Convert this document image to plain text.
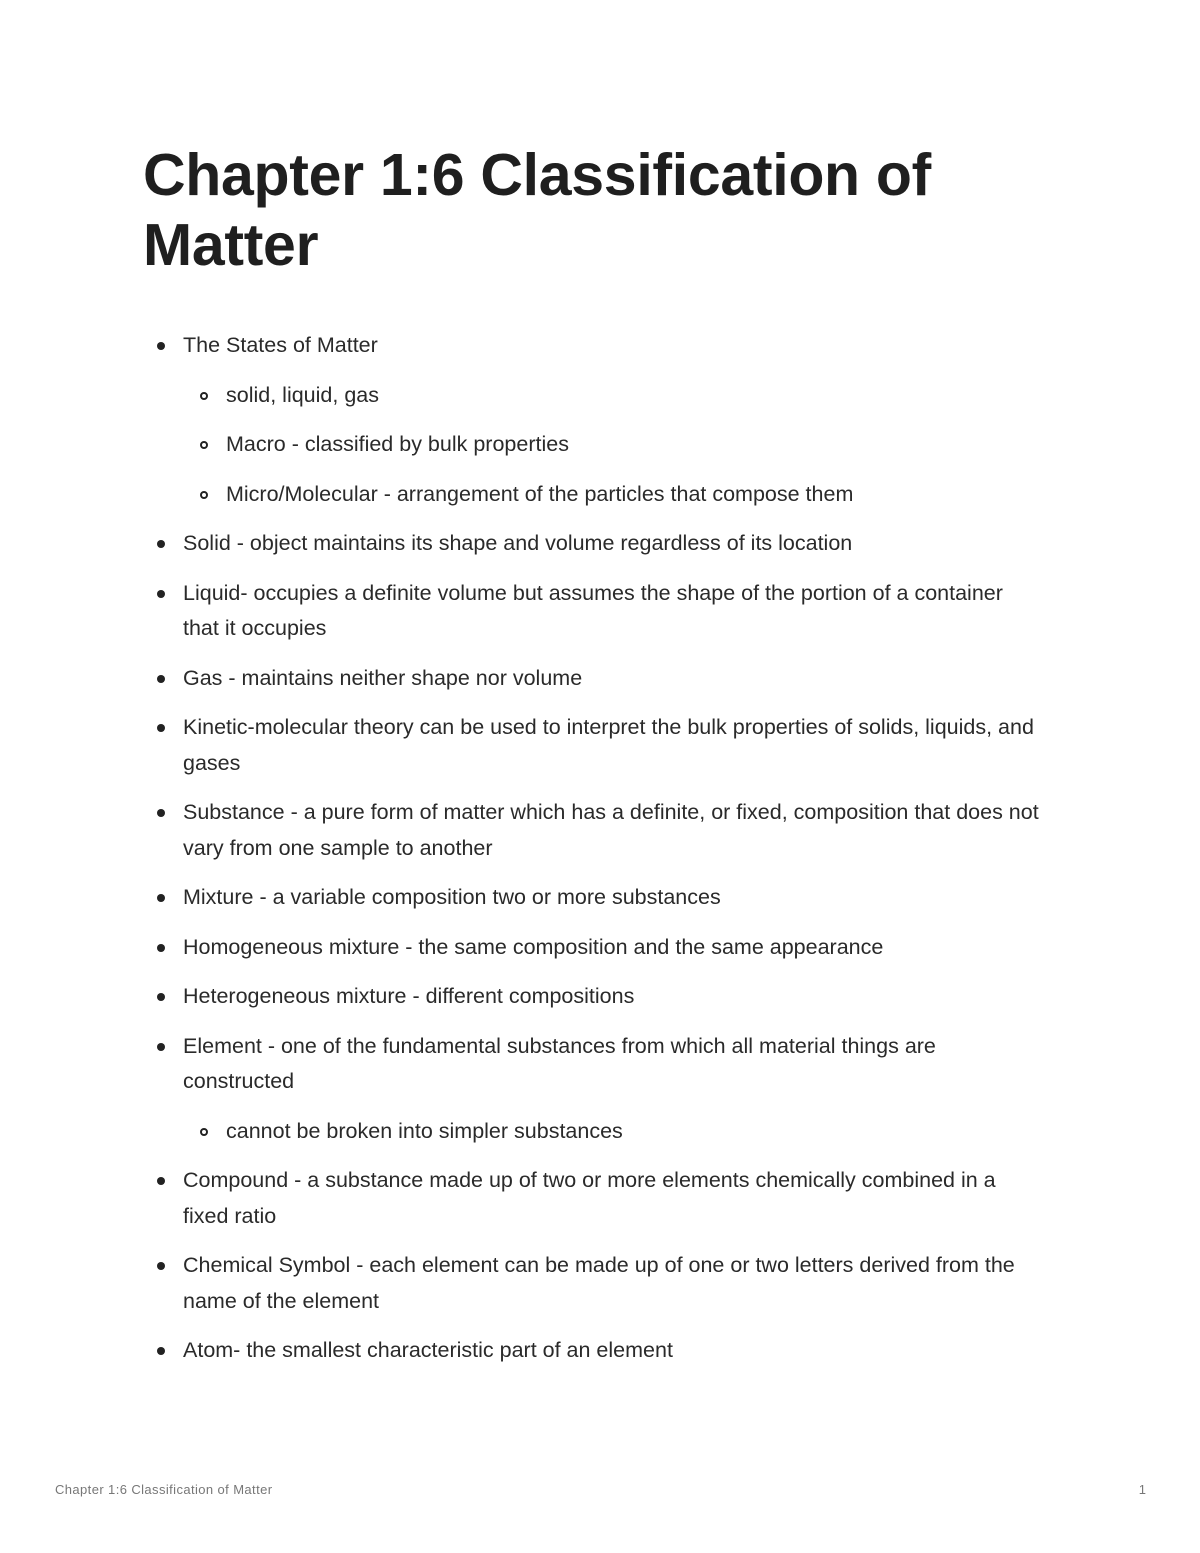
Chapter 1:6 Classification of Matter
The States of Matter
solid, liquid, gas
Macro - classified by bulk properties
Micro/Molecular - arrangement of the particles that compose them
Solid - object maintains its shape and volume regardless of its location
Liquid- occupies a definite volume but assumes the shape of the portion of a container that it occupies
Gas - maintains neither shape nor volume
Kinetic-molecular theory can be used to interpret the bulk properties of solids, liquids, and gases
Substance - a pure form of matter which has a definite, or fixed, composition that does not vary from one sample to another
Mixture - a variable composition two or more substances
Homogeneous mixture - the same composition and the same appearance
Heterogeneous mixture - different compositions
Element - one of the fundamental substances from which all material things are constructed
cannot be broken into simpler substances
Compound - a substance made up of two or more elements chemically combined in a fixed ratio
Chemical Symbol - each element can be made up of one or two letters derived from the name of the element
Atom- the smallest characteristic part of an element
Chapter 1:6 Classification of Matter	1
